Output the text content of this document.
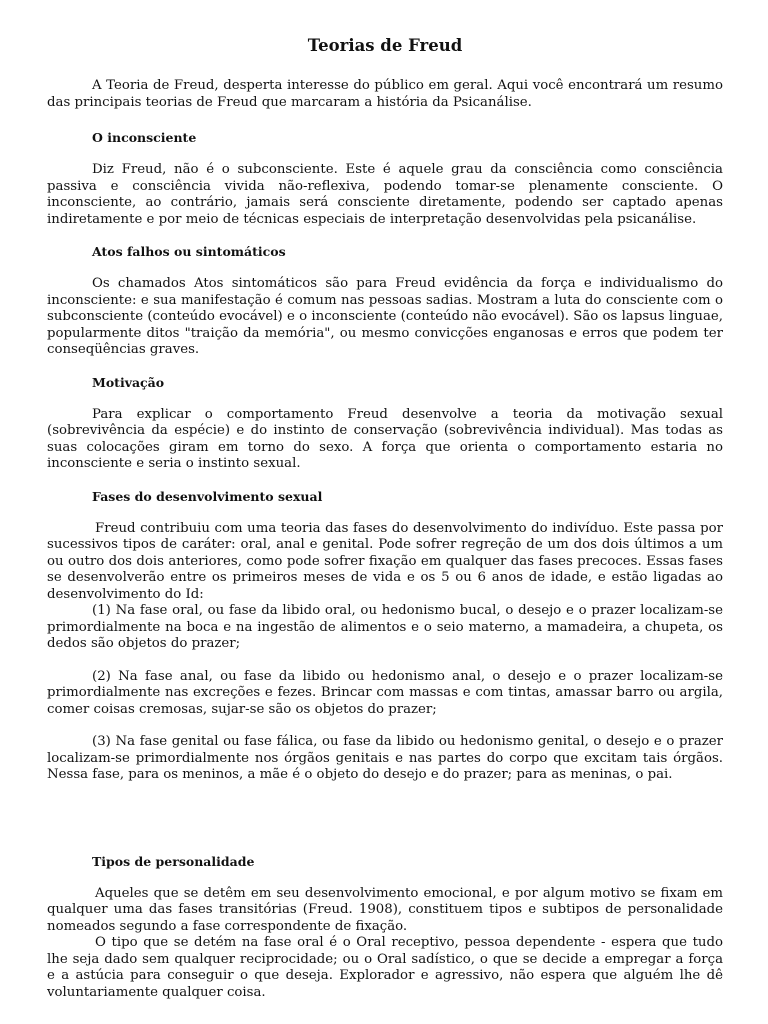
Teorias de Freud

A Teoria de Freud, desperta interesse do público em geral. Aqui você encontrará um resumo das principais teorias de Freud que marcaram a história da Psicanálise.

O inconsciente

Diz Freud, não é o subconsciente. Este é aquele grau da consciência como consciência passiva e consciência vivida não-reflexiva, podendo tomar-se plenamente consciente. O inconsciente, ao contrário, jamais será consciente diretamente, podendo ser captado apenas indiretamente e por meio de técnicas especiais de interpretação desenvolvidas pela psicanálise.

Atos falhos ou sintomáticos

Os chamados Atos sintomáticos são para Freud evidência da força e individualismo do inconsciente: e sua manifestação é comum nas pessoas sadias. Mostram a luta do consciente com o subconsciente (conteúdo evocável) e o inconsciente (conteúdo não evocável). São os lapsus linguae, popularmente ditos "traição da memória", ou mesmo convicções enganosas e erros que podem ter conseqüências graves.

Motivação

Para explicar o comportamento Freud desenvolve a teoria da motivação sexual (sobrevivência da espécie) e do instinto de conservação (sobrevivência individual). Mas todas as suas colocações giram em torno do sexo. A força que orienta o comportamento estaria no inconsciente e seria o instinto sexual.

Fases do desenvolvimento sexual

Freud contribuiu com uma teoria das fases do desenvolvimento do indivíduo. Este passa por sucessivos tipos de caráter: oral, anal e genital. Pode sofrer regreção de um dos dois últimos a um ou outro dos dois anteriores, como pode sofrer fixação em qualquer das fases precoces. Essas fases se desenvolverão entre os primeiros meses de vida e os 5 ou 6 anos de idade, e estão ligadas ao desenvolvimento do Id:

(1) Na fase oral, ou fase da libido oral, ou hedonismo bucal, o desejo e o prazer localizam-se primordialmente na boca e na ingestão de alimentos e o seio materno, a mamadeira, a chupeta, os dedos são objetos do prazer;

(2) Na fase anal, ou fase da libido ou hedonismo anal, o desejo e o prazer localizam-se primordialmente nas excreções e fezes. Brincar com massas e com tintas, amassar barro ou argila, comer coisas cremosas, sujar-se são os objetos do prazer;

(3) Na fase genital ou fase fálica, ou fase da libido ou hedonismo genital, o desejo e o prazer localizam-se primordialmente nos órgãos genitais e nas partes do corpo que excitam tais órgãos. Nessa fase, para os meninos, a mãe é o objeto do desejo e do prazer; para as meninas, o pai.

Tipos de personalidade

Aqueles que se detêm em seu desenvolvimento emocional, e por algum motivo se fixam em qualquer uma das fases transitórias (Freud. 1908), constituem tipos e subtipos de personalidade nomeados segundo a fase correspondente de fixação.

O tipo que se detém na fase oral é o Oral receptivo, pessoa dependente - espera que tudo lhe seja dado sem qualquer reciprocidade; ou o Oral sadístico, o que se decide a empregar a força e a astúcia para conseguir o que deseja. Explorador e agressivo, não espera que alguém lhe dê voluntariamente qualquer coisa.
